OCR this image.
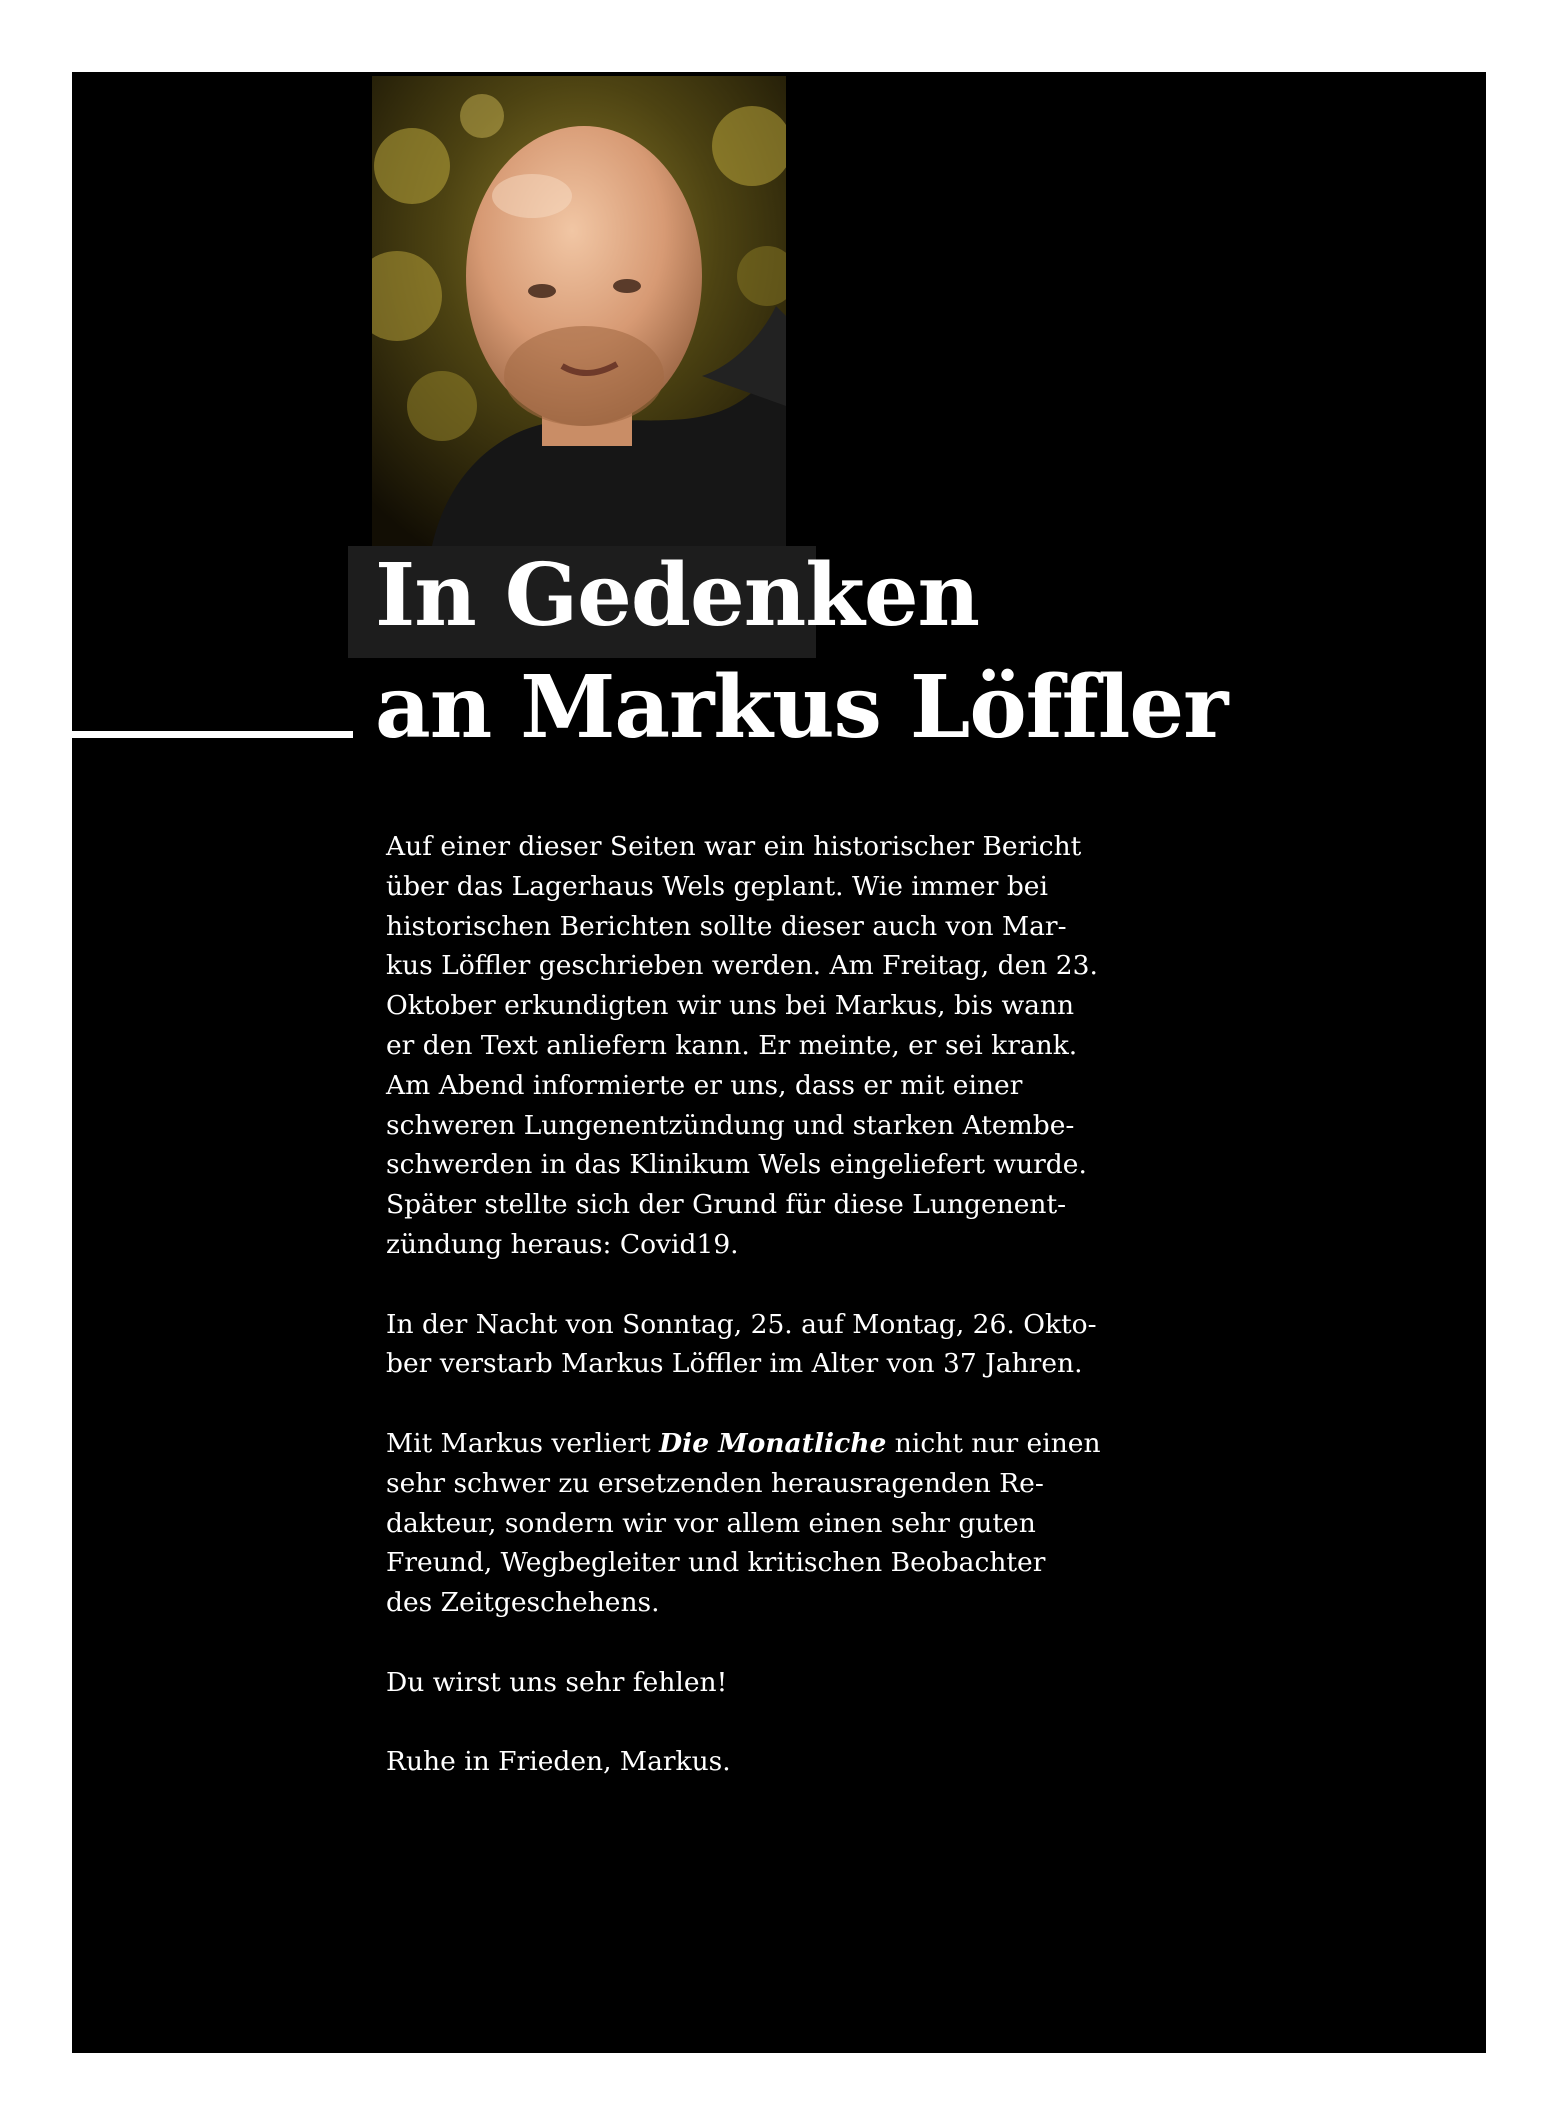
In Gedenken
an Markus Löffler

Auf einer dieser Seiten war ein historischer Bericht
über das Lagerhaus Wels geplant. Wie immer bei
historischen Berichten sollte dieser auch von Mar-
kus Löffler geschrieben werden. Am Freitag, den 23.
Oktober erkundigten wir uns bei Markus, bis wann
er den Text anliefern kann. Er meinte, er sei krank.
Am Abend informierte er uns, dass er mit einer
schweren Lungenentzündung und starken Atembe-
schwerden in das Klinikum Wels eingeliefert wurde.
Später stellte sich der Grund für diese Lungenent-
zündung heraus: Covid19.

In der Nacht von Sonntag, 25. auf Montag, 26. Okto-
ber verstarb Markus Löffler im Alter von 37 Jahren.

Mit Markus verliert Die Monatliche nicht nur einen
sehr schwer zu ersetzenden herausragenden Re-
dakteur, sondern wir vor allem einen sehr guten
Freund, Wegbegleiter und kritischen Beobachter
des Zeitgeschehens.

Du wirst uns sehr fehlen!

Ruhe in Frieden, Markus.
